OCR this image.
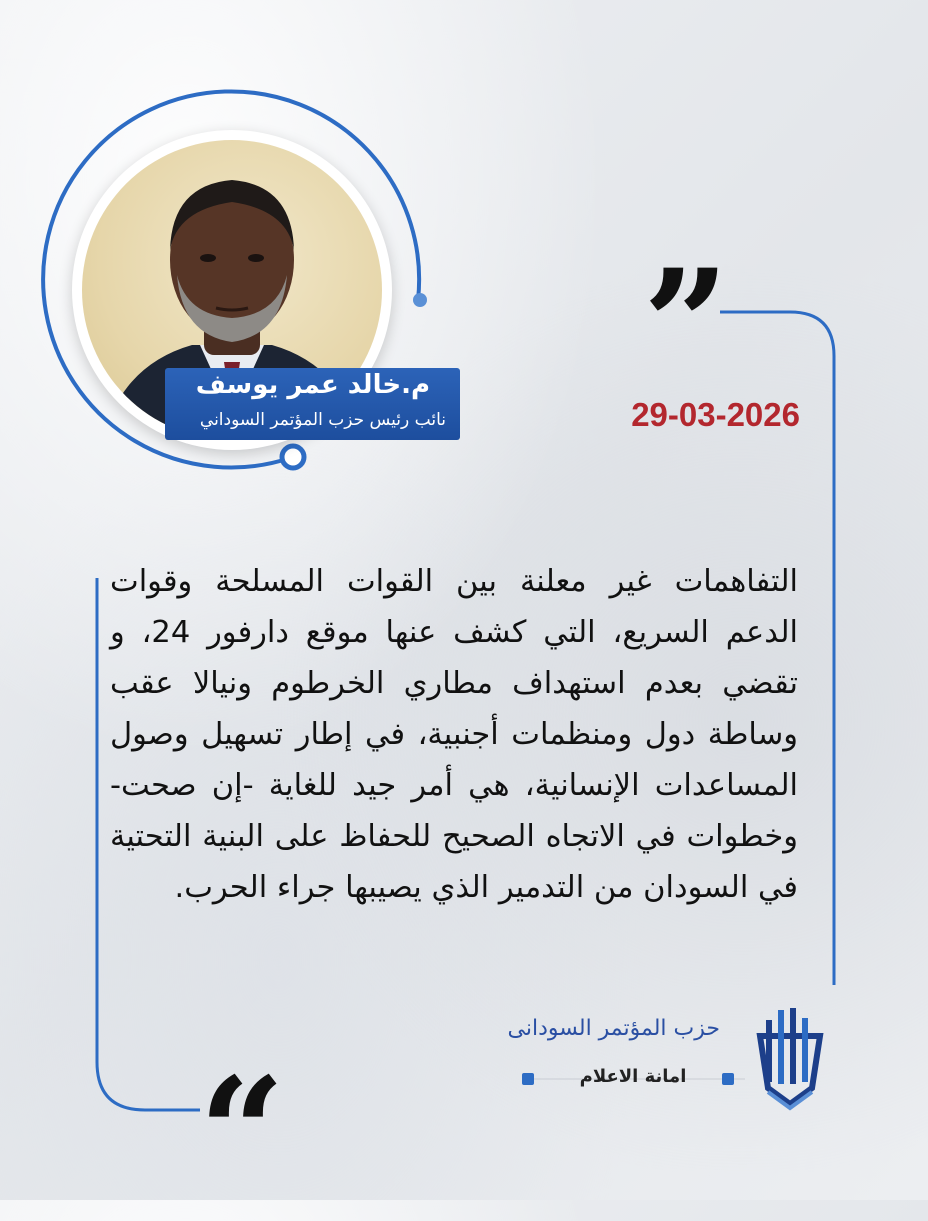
م.خالد عمر يوسف
نائب رئيس حزب المؤتمر السوداني
”
“
29-03-2026
التفاهمات غير معلنة بين القوات المسلحة وقوات الدعم السريع، التي كشف عنها موقع دارفور 24، و تقضي بعدم استهداف مطاري الخرطوم ونيالا عقب وساطة دول ومنظمات أجنبية، في إطار تسهيل وصول المساعدات الإنسانية، هي أمر جيد للغاية -إن صحت- وخطوات في الاتجاه الصحيح للحفاظ على البنية التحتية في السودان من التدمير الذي يصيبها جراء الحرب.
حزب المؤتمر السودانى
امانة الاعلام
